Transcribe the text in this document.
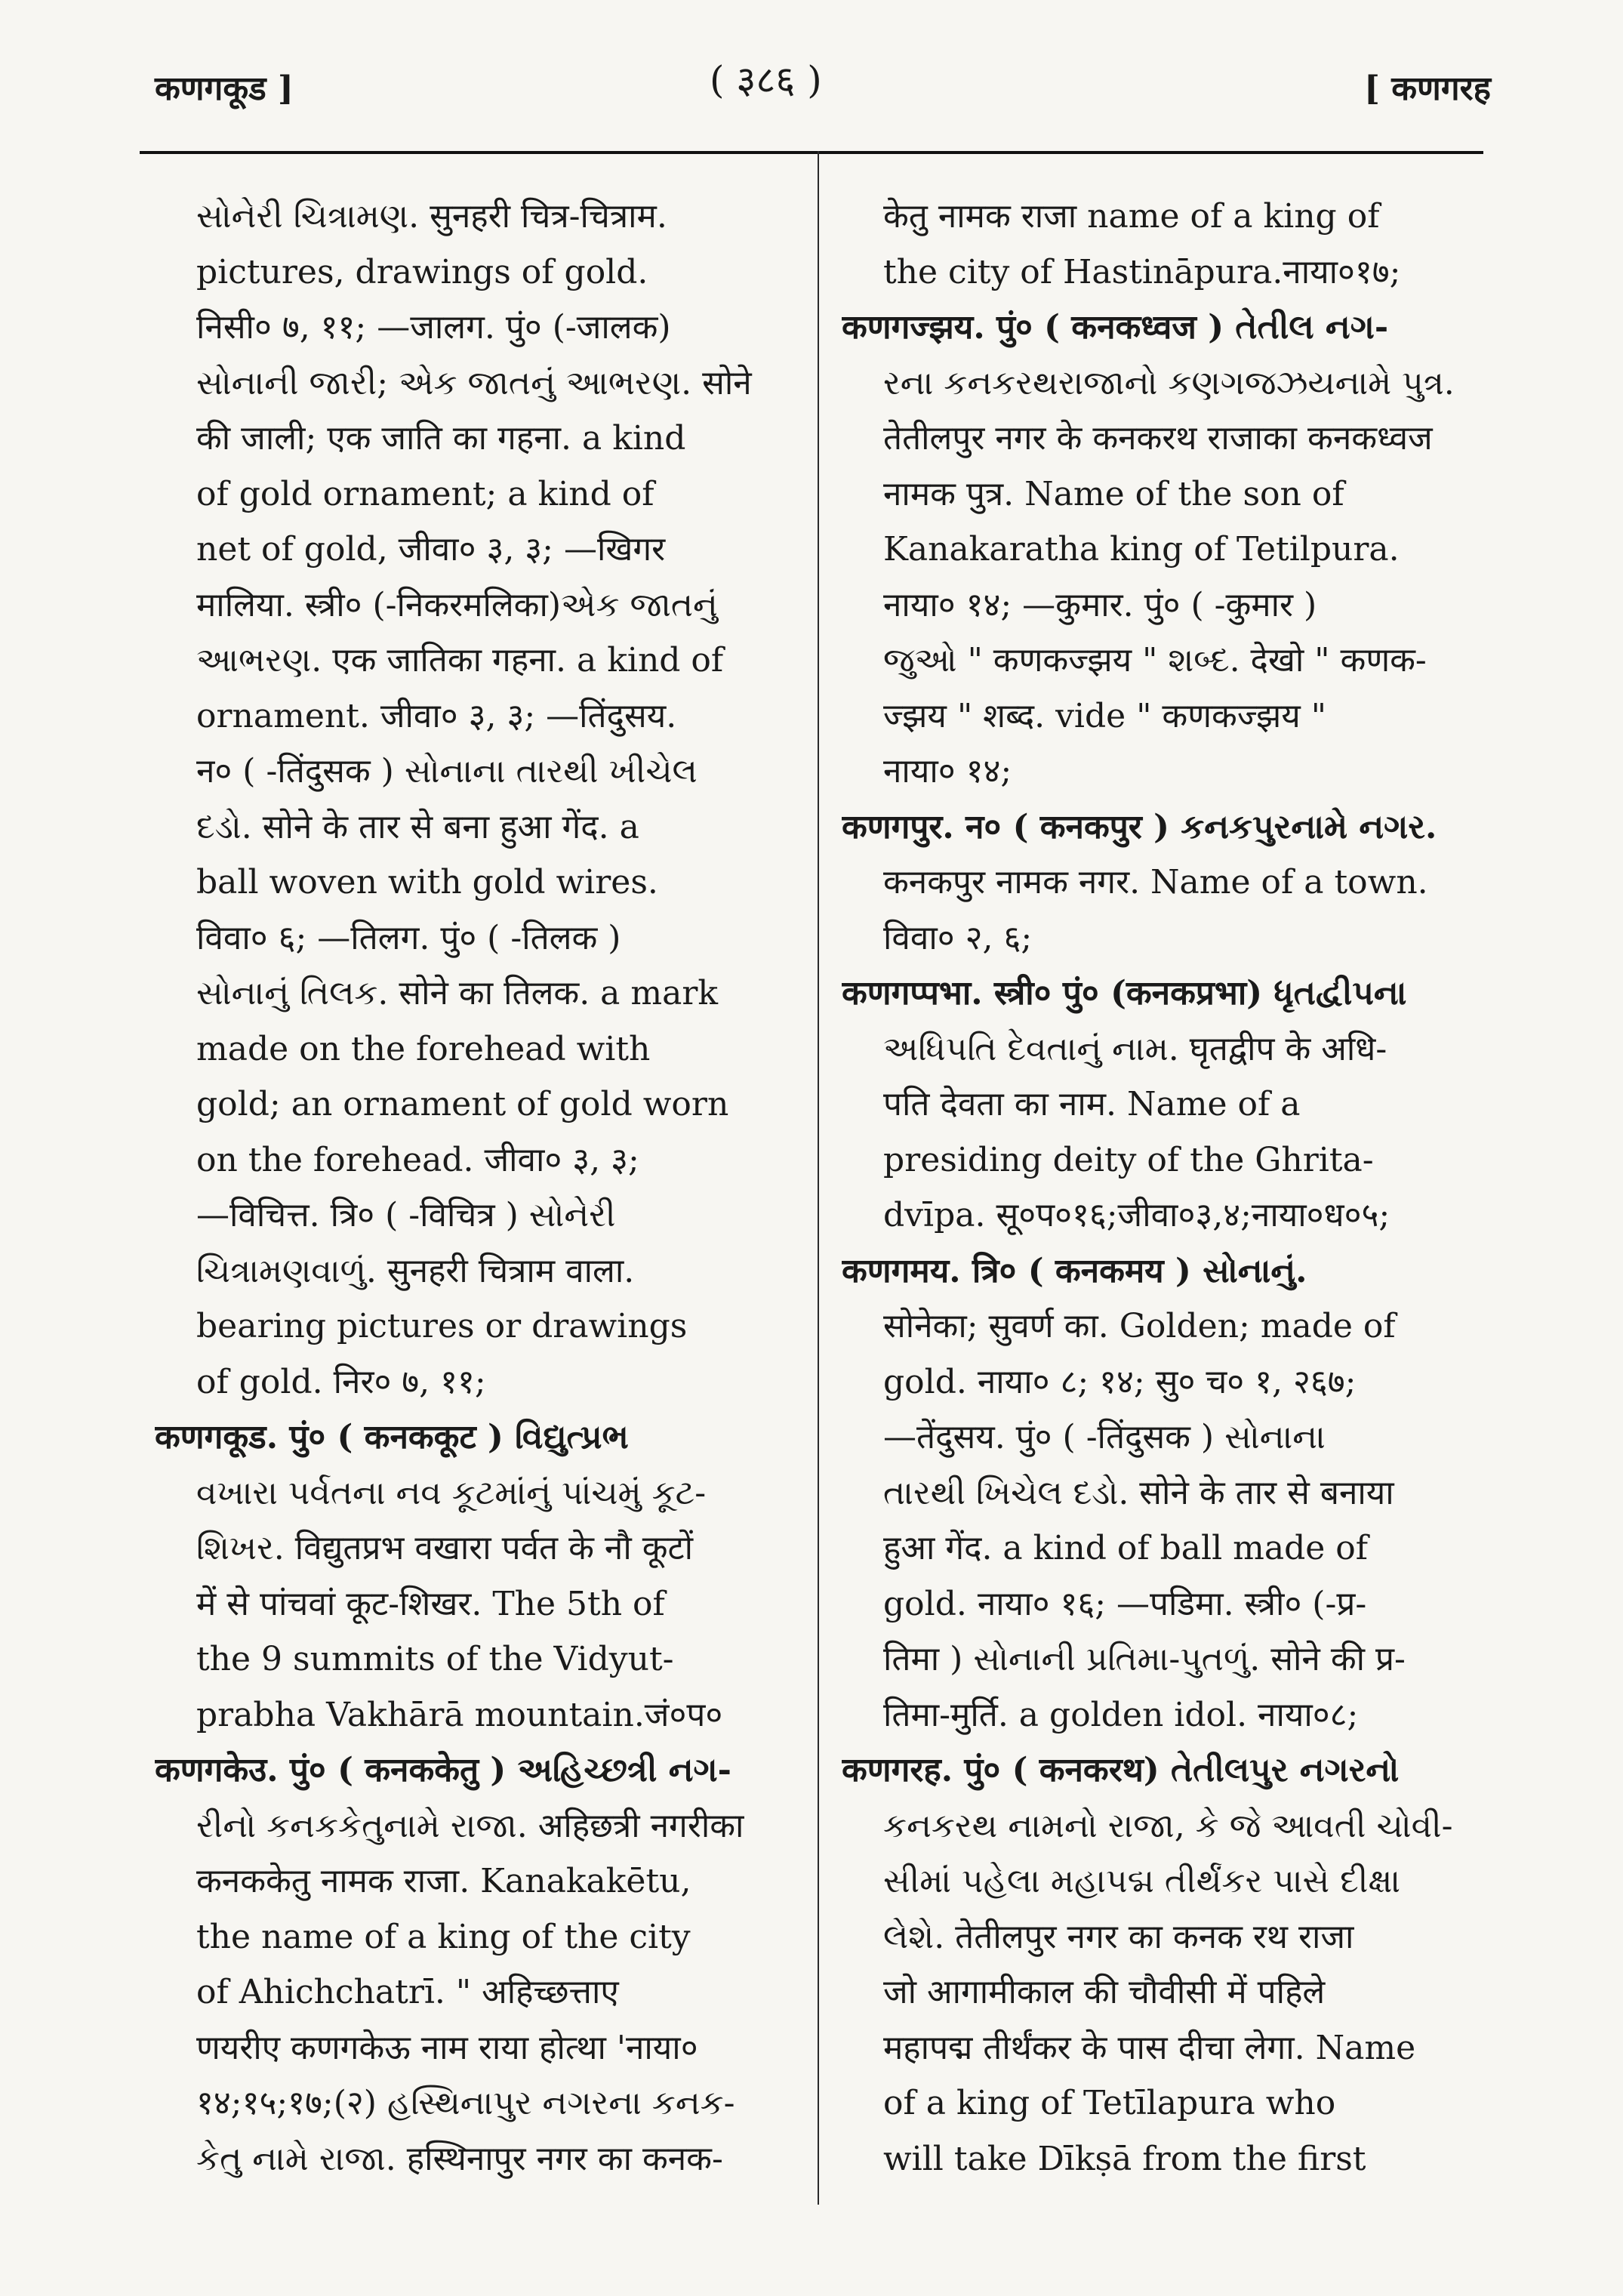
कणगकूड ]	( ३८६ )	[ कणगरह
સોનેરી ચિત્રામણ. सुनहरी चित्र-चित्राम.
pictures, drawings of gold.
निसी० ७, ११; —जालग. पुं० (-जालक)
સોનાની જારી; એક જાતનું આભરણ. सोने
की जाली; एक जाति का गहना. a kind
of gold ornament; a kind of
net of gold, जीवा० ३, ३; —खिगर
मालिया. स्त्री० (-निकरमलिका)એક જાતનું
આભરણ. एक जातिका गहना. a kind of
ornament. जीवा० ३, ३; —तिंदुसय.
न० ( -तिंदुसक ) સોનાના તારથી ખીચેલ
દડો. सोने के तार से बना हुआ गेंद. a
ball woven with gold wires.
विवा० ६; —तिलग. पुं० ( -तिलक )
સોનાનું તિલક. सोने का तिलक. a mark
made on the forehead with
gold; an ornament of gold worn
on the forehead. जीवा० ३, ३;
—विचित्त. त्रि० ( -विचित्र ) સોનેરી
ચિત્રામણવાળું. सुनहरी चित्राम वाला.
bearing pictures or drawings
of gold. निर० ७, ११;
कणगकूड. पुं० ( कनककूट ) વિદ્યુત્પ્રભ
વખારા પર્વતના નવ કૂટમાંનું પાંચમું કૂટ-
શિખર. विद्युतप्रभ वखारा पर्वत के नौ कूटों
में से पांचवां कूट-शिखर. The 5th of
the 9 summits of the Vidyut-
prabha Vakhārā mountain.जं०प०
कणगकेउ. पुं० ( कनककेतु ) અહિચ્છત્રી નગ-
રીનો કનકકેતુનામે રાજા. अहिछत्री नगरीका
कनककेतु नामक राजा. Kanakakētu,
the name of a king of the city
of Ahichchatrī. " अहिच्छत्ताए
णयरीए कणगकेऊ नाम राया होत्था 'नाया०
१४;१५;१७;(२) હસ્થિનાપુર નગરના કનક-
કેતુ નામે રાજા. हस्थिनापुर नगर का कनक-
केतु नामक राजा name of a king of
the city of Hastināpura.नाया०१७;
कणगज्झय. पुं० ( कनकध्वज ) તેતીલ નગ-
રના કનકરથરાજાનો કણગજઝયનામે પુત્ર.
तेतीलपुर नगर के कनकरथ राजाका कनकध्वज
नामक पुत्र. Name of the son of
Kanakaratha king of Tetilpura.
नाया० १४; —कुमार. पुं० ( -कुमार )
જુઓ " कणकज्झय " શબ્દ. देखो " कणक-
ज्झय " शब्द. vide " कणकज्झय "
नाया० १४;
कणगपुर. न० ( कनकपुर ) કનકપુરનામે નગર.
कनकपुर नामक नगर. Name of a town.
विवा० २, ६;
कणगप्पभा. स्त्री० पुं० (कनकप्रभा) ધૃતદ્વીપના
અધિપતિ દેવતાનું નામ. घृतद्वीप के अधि-
पति देवता का नाम. Name of a
presiding deity of the Ghrita-
dvīpa. सू०प०१६;जीवा०३,४;नाया०ध०५;
कणगमय. त्रि० ( कनकमय ) સોનાનું.
सोनेका; सुवर्ण का. Golden; made of
gold. नाया० ८; १४; सु० च० १, २६७;
—तेंदुसय. पुं० ( -तिंदुसक ) સોનાના
તારથી ખિચેલ દડો. सोने के तार से बनाया
हुआ गेंद. a kind of ball made of
gold. नाया० १६; —पडिमा. स्त्री० (-प्र-
तिमा ) સોનાની પ્રતિમા-પુતળું. सोने की प्र-
तिमा-मुर्ति. a golden idol. नाया०८;
कणगरह. पुं० ( कनकरथ) તેતીલપુર નગરનો
કનકરથ નામનો રાજા, કે જે આવતી ચોવી-
સીમાં પહેલા મહાપદ્મ તીર્થંકર પાસે દીક્ષા
લેશે. तेतीलपुर नगर का कनक रथ राजा
जो आगामीकाल की चौवीसी में पहिले
महापद्म तीर्थंकर के पास दीचा लेगा. Name
of a king of Tetīlapura who
will take Dīkṣā from the first
